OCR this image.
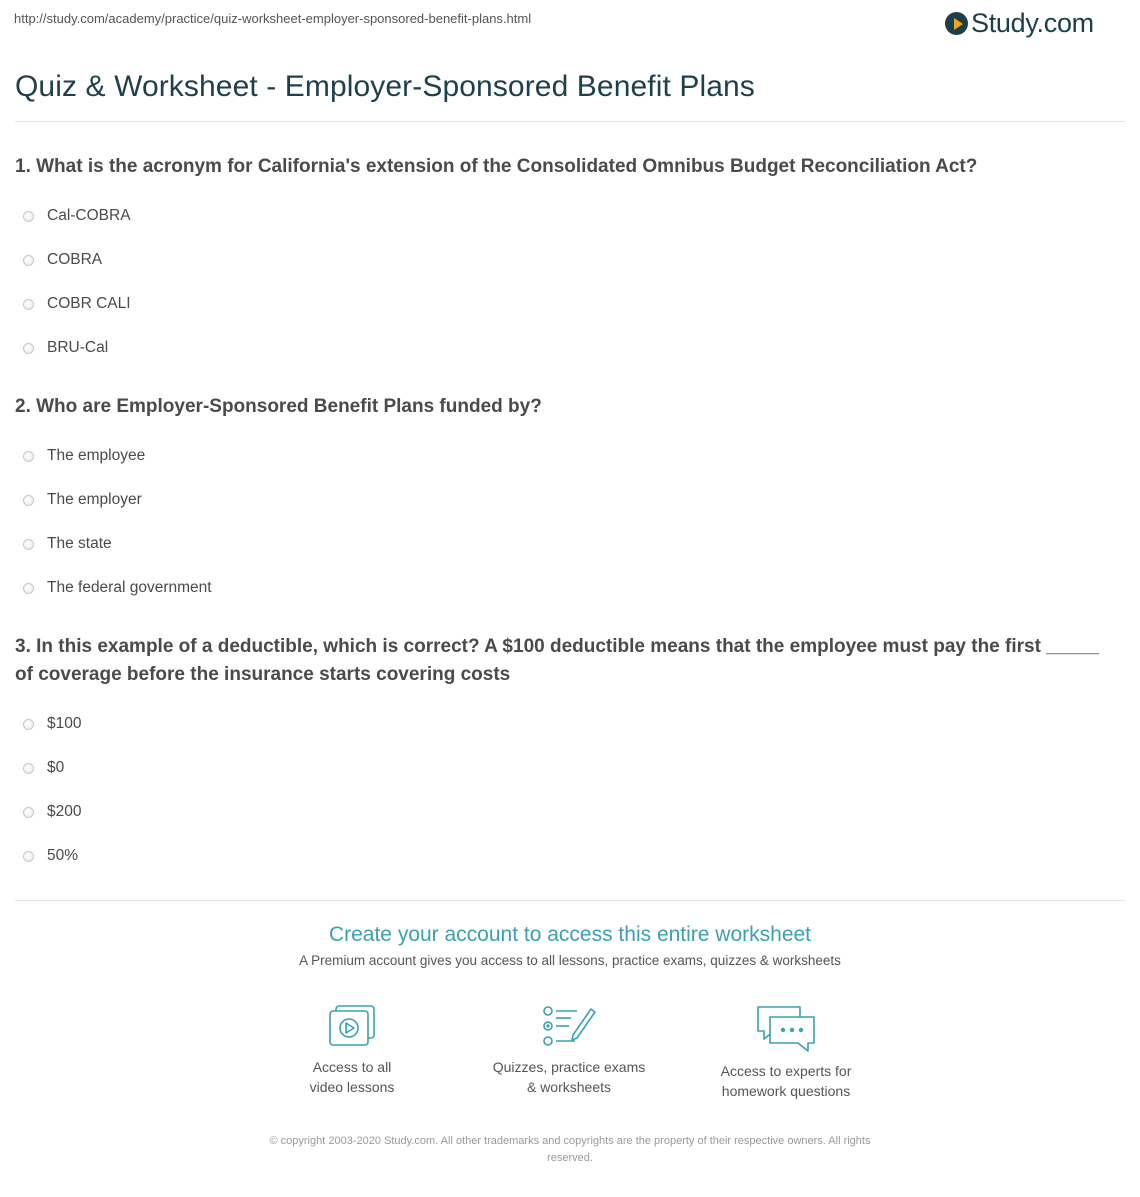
http://study.com/academy/practice/quiz-worksheet-employer-sponsored-benefit-plans.html	Study.com
Quiz & Worksheet - Employer-Sponsored Benefit Plans
1. What is the acronym for California's extension of the Consolidated Omnibus Budget Reconciliation Act?
Cal-COBRA
COBRA
COBR CALI
BRU-Cal
2. Who are Employer-Sponsored Benefit Plans funded by?
The employee
The employer
The state
The federal government
3. In this example of a deductible, which is correct? A $100 deductible means that the employee must pay the first _____ of coverage before the insurance starts covering costs
$100
$0
$200
50%
Create your account to access this entire worksheet
A Premium account gives you access to all lessons, practice exams, quizzes & worksheets
Access to all
video lessons
Quizzes, practice exams
& worksheets
Access to experts for
homework questions
© copyright 2003-2020 Study.com. All other trademarks and copyrights are the property of their respective owners. All rights
reserved.
